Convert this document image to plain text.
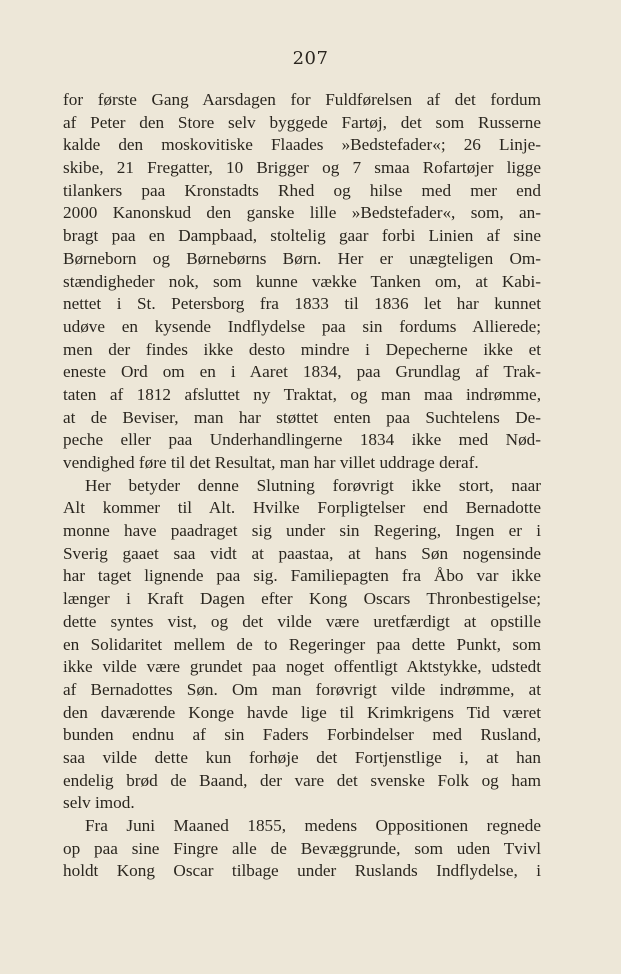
207
for første Gang Aarsdagen for Fuldførelsen af det fordum
af Peter den Store selv byggede Fartøj, det som Russerne
kalde den moskovitiske Flaades »Bedstefader«; 26 Linje-
skibe, 21 Fregatter, 10 Brigger og 7 smaa Rofartøjer ligge
tilankers paa Kronstadts Rhed og hilse med mer end
2000 Kanonskud den ganske lille »Bedstefader«, som, an-
bragt paa en Dampbaad, stoltelig gaar forbi Linien af sine
Børneborn og Børnebørns Børn. Her er unægteligen Om-
stændigheder nok, som kunne vække Tanken om, at Kabi-
nettet i St. Petersborg fra 1833 til 1836 let har kunnet
udøve en kysende Indflydelse paa sin fordums Allierede;
men der findes ikke desto mindre i Depecherne ikke et
eneste Ord om en i Aaret 1834, paa Grundlag af Trak-
taten af 1812 afsluttet ny Traktat, og man maa indrømme,
at de Beviser, man har støttet enten paa Suchtelens De-
peche eller paa Underhandlingerne 1834 ikke med Nød-
vendighed føre til det Resultat, man har villet uddrage deraf.
Her betyder denne Slutning forøvrigt ikke stort, naar
Alt kommer til Alt. Hvilke Forpligtelser end Bernadotte
monne have paadraget sig under sin Regering, Ingen er i
Sverig gaaet saa vidt at paastaa, at hans Søn nogensinde
har taget lignende paa sig. Familiepagten fra Åbo var ikke
længer i Kraft Dagen efter Kong Oscars Thronbestigelse;
dette syntes vist, og det vilde være uretfærdigt at opstille
en Solidaritet mellem de to Regeringer paa dette Punkt, som
ikke vilde være grundet paa noget offentligt Aktstykke, udstedt
af Bernadottes Søn. Om man forøvrigt vilde indrømme, at
den daværende Konge havde lige til Krimkrigens Tid været
bunden endnu af sin Faders Forbindelser med Rusland,
saa vilde dette kun forhøje det Fortjenstlige i, at han
endelig brød de Baand, der vare det svenske Folk og ham
selv imod.
Fra Juni Maaned 1855, medens Oppositionen regnede
op paa sine Fingre alle de Bevæggrunde, som uden Tvivl
holdt Kong Oscar tilbage under Ruslands Indflydelse, i
